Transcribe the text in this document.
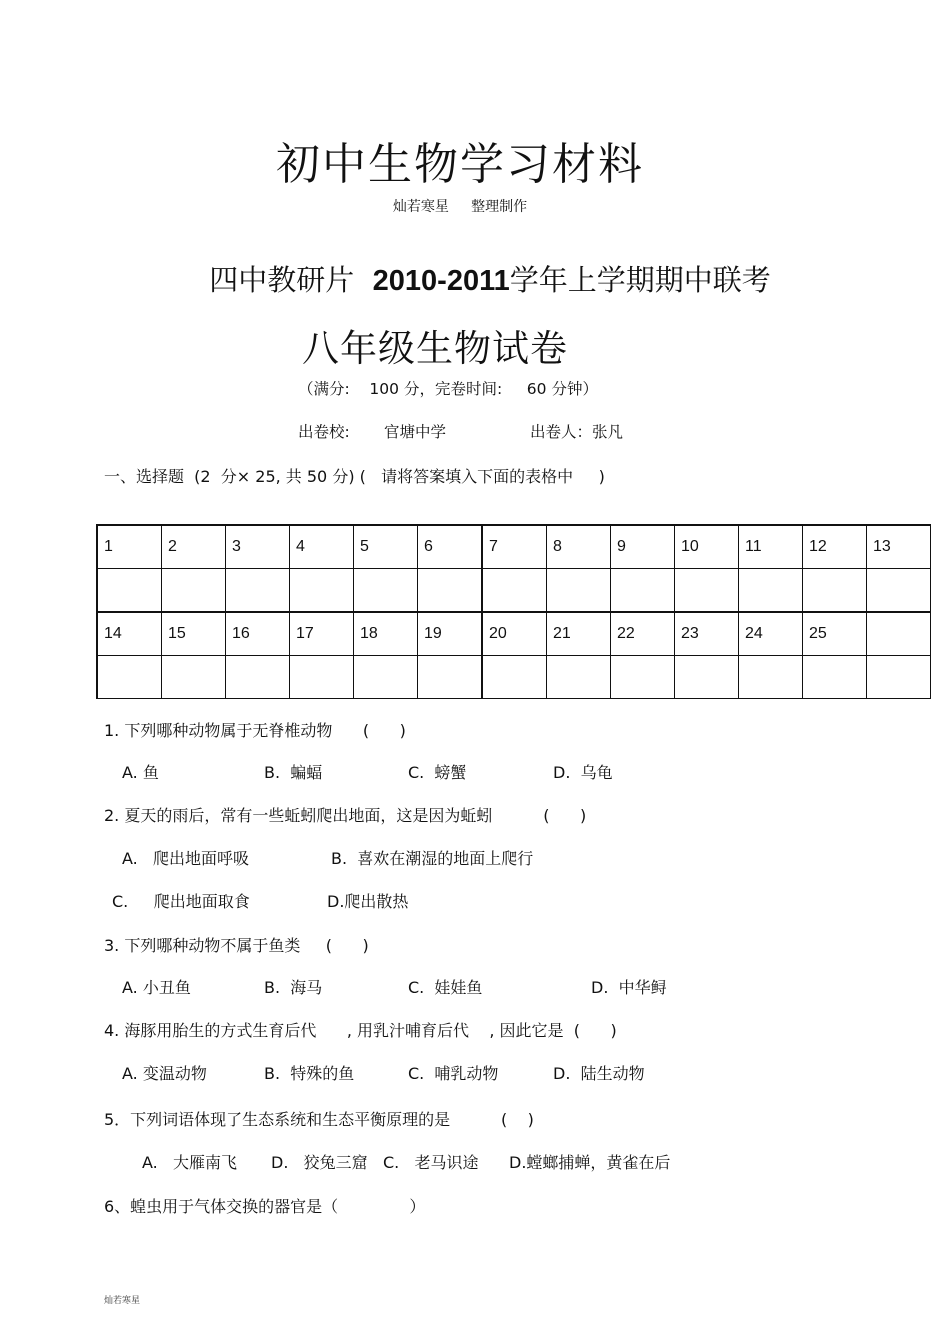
初中生物学习材料
灿若寒星     整理制作
四中教研片  2010-2011学年上学期期中联考
八年级生物试卷
（满分:    100 分，完卷时间:     60 分钟）
出卷校: 官塘中学	出卷人：张凡
一、选择题  (2  分× 25, 共 50 分) (   请将答案填入下面的表格中     )
1	2	3	4	5	6	7	8	9	10	11	12	13

14	15	16	17	18	19	20	21	22	23	24	25	

1. 下列哪种动物属于无脊椎动物      (      )
A. 鱼	B.  蝙蝠	C.  螃蟹	D.  乌龟
2. 夏天的雨后，常有一些蚯蚓爬出地面，这是因为蚯蚓          (      )
A.   爬出地面呼吸	B.  喜欢在潮湿的地面上爬行
C.     爬出地面取食	D.爬出散热
3. 下列哪种动物不属于鱼类     (      )
A. 小丑鱼	B.  海马	C.  娃娃鱼	D.  中华鲟
4. 海豚用胎生的方式生育后代      , 用乳汁哺育后代    , 因此它是  (      )
A. 变温动物	B.  特殊的鱼	C.  哺乳动物	D.  陆生动物
5．下列词语体现了生态系统和生态平衡原理的是          (    )
A.   大雁南飞 D.   狡兔三窟 C.   老马识途 D.螳螂捕蝉，黄雀在后
6、蝗虫用于气体交换的器官是（              ）
灿若寒星
